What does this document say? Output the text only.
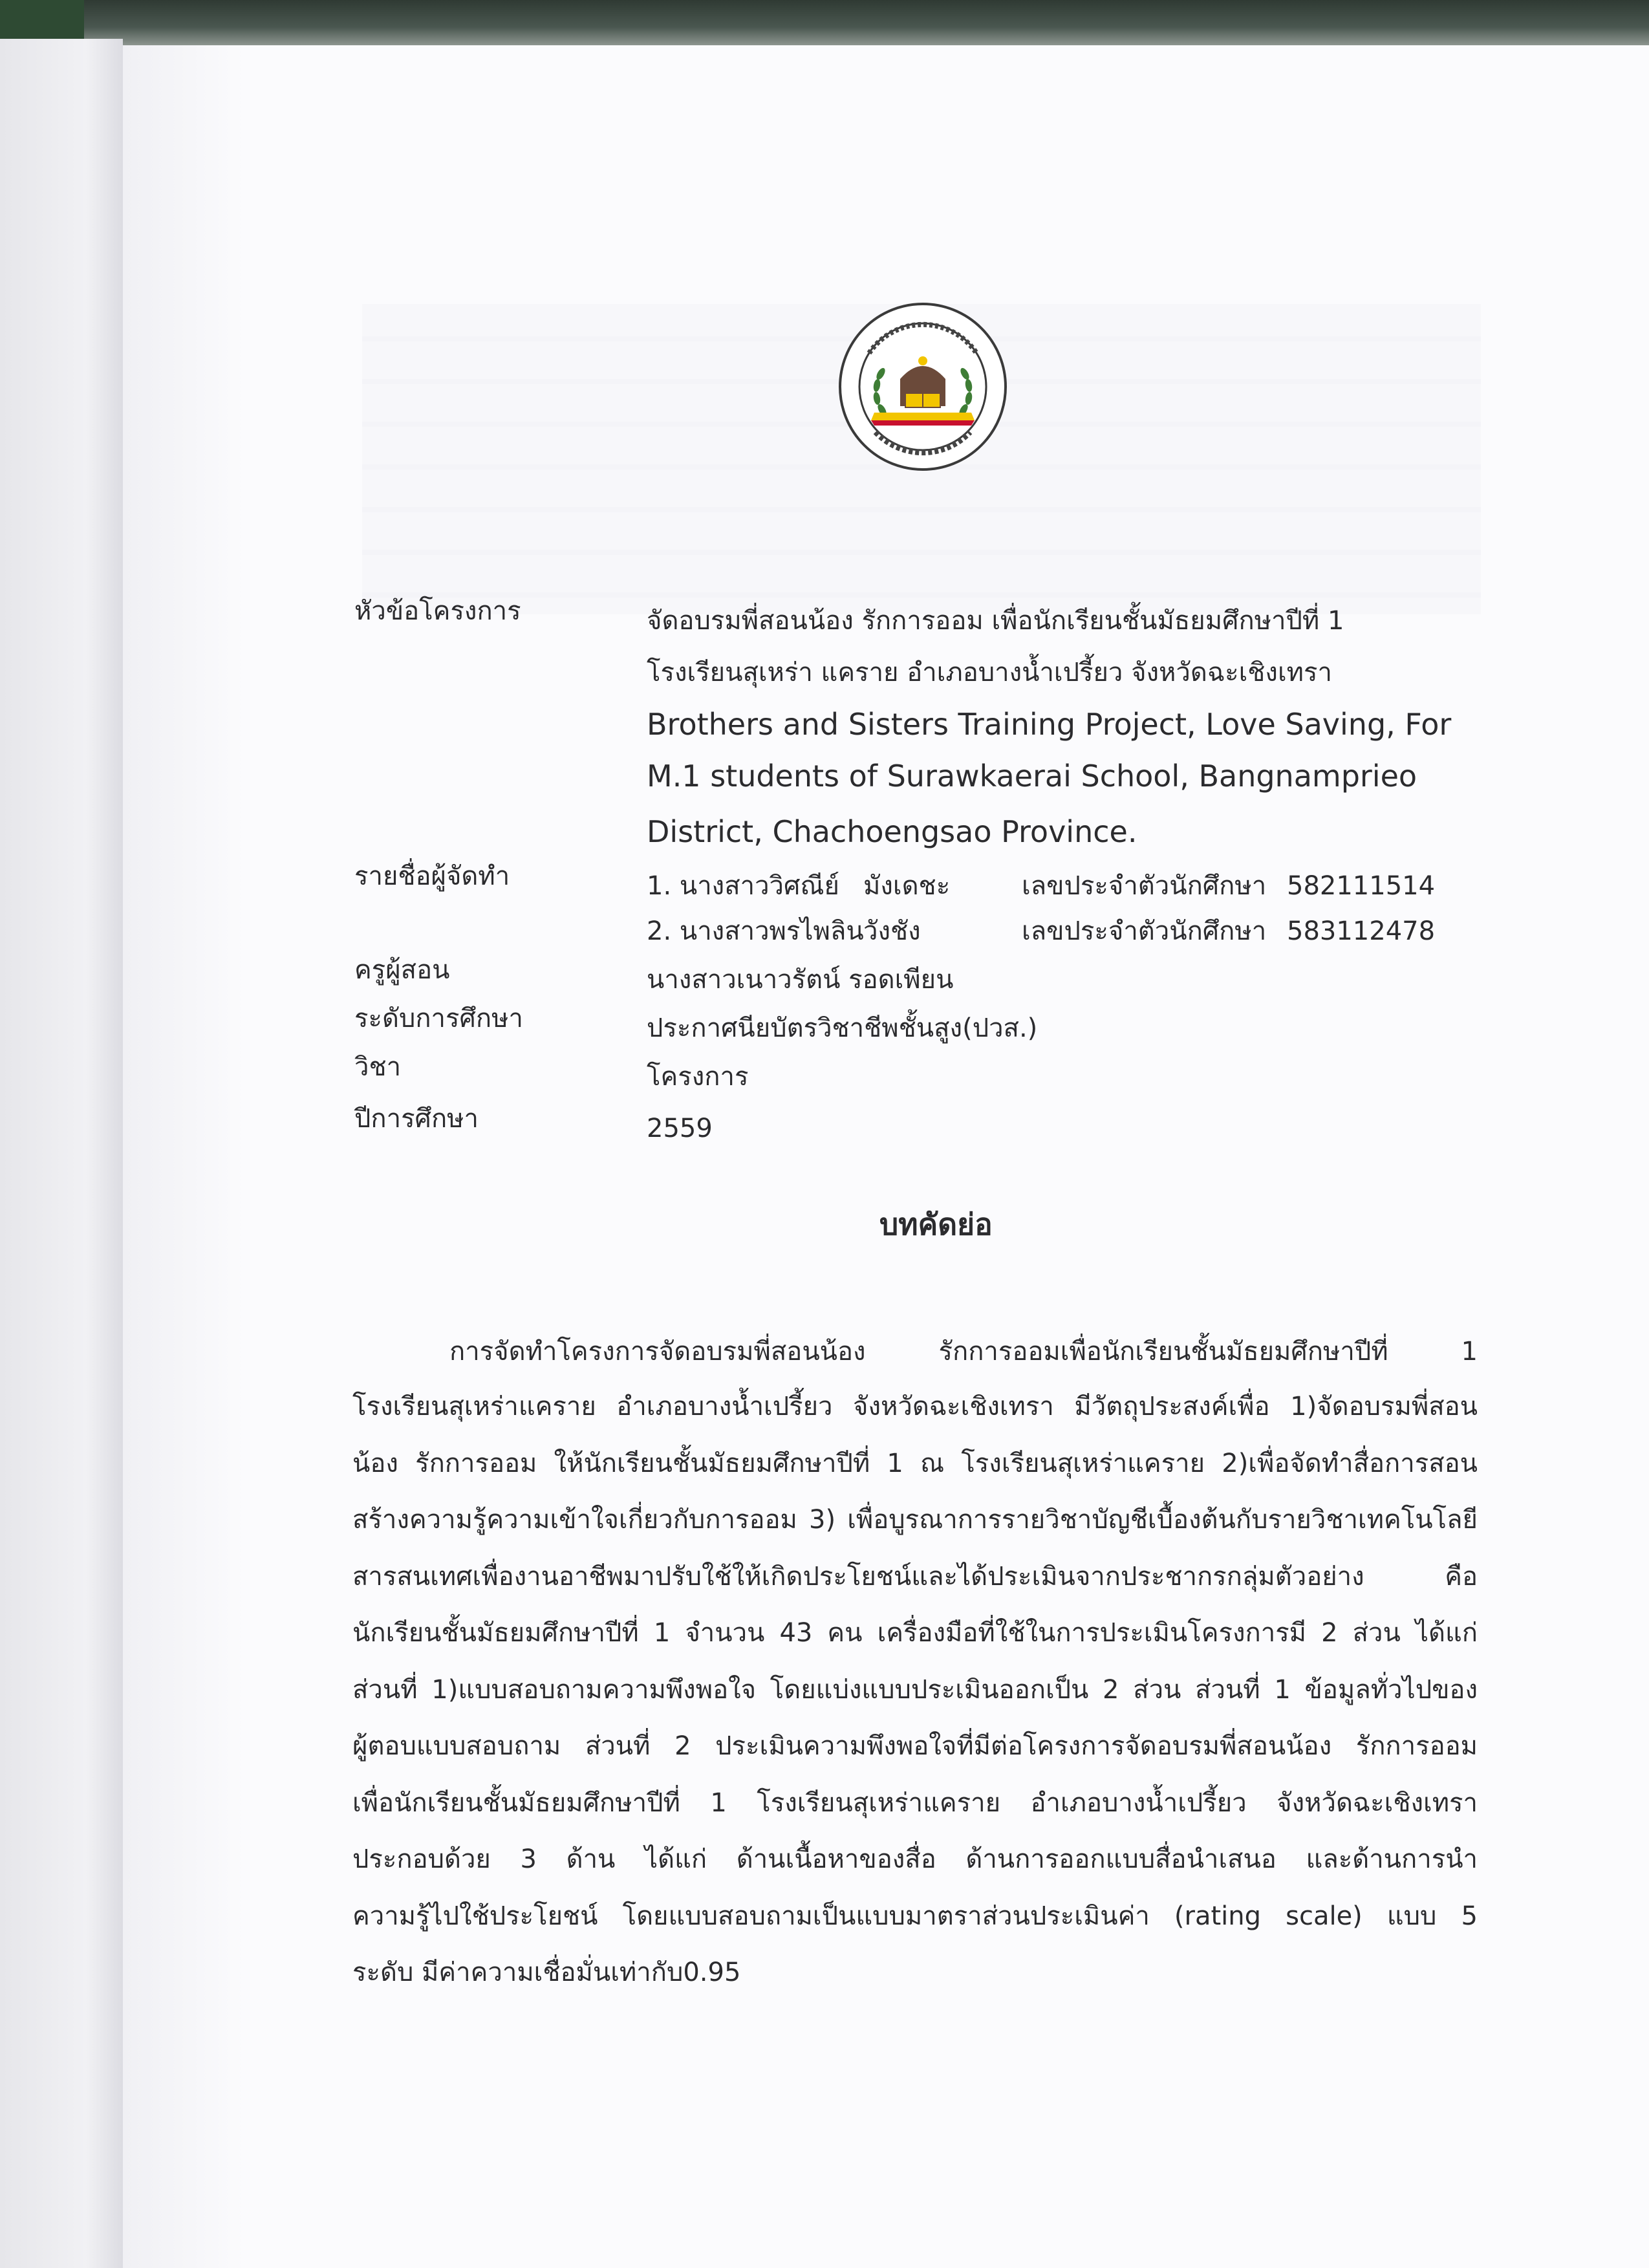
หัวข้อโครงการ	จัดอบรมพี่สอนน้อง รักการออม เพื่อนักเรียนชั้นมัธยมศึกษาปีที่ 1
โรงเรียนสุเหร่า แคราย อำเภอบางน้ำเปรี้ยว จังหวัดฉะเชิงเทรา
Brothers and Sisters Training Project, Love Saving, For
M.1 students of Surawkaerai School, Bangnamprieo
District, Chachoengsao Province.
รายชื่อผู้จัดทำ	1. นางสาววิศณีย์ มังเดชะ	เลขประจำตัวนักศึกษา 582111514
2. นางสาวพรไพลิน วังชัง	เลขประจำตัวนักศึกษา 583112478
ครูผู้สอน	นางสาวเนาวรัตน์ รอดเพียน
ระดับการศึกษา	ประกาศนียบัตรวิชาชีพชั้นสูง(ปวส.)
วิชา	โครงการ
ปีการศึกษา	2559
บทคัดย่อ
การจัดทำโครงการจัดอบรมพี่สอนน้อง รักการออมเพื่อนักเรียนชั้นมัธยมศึกษาปีที่ 1
โรงเรียนสุเหร่าแคราย อำเภอบางน้ำเปรี้ยว จังหวัดฉะเชิงเทรา มีวัตถุประสงค์เพื่อ 1)จัดอบรมพี่สอน
น้อง รักการออม ให้นักเรียนชั้นมัธยมศึกษาปีที่ 1 ณ โรงเรียนสุเหร่าแคราย 2)เพื่อจัดทำสื่อการสอน
สร้างความรู้ความเข้าใจเกี่ยวกับการออม 3) เพื่อบูรณาการรายวิชาบัญชีเบื้องต้นกับรายวิชาเทคโนโลยี
สารสนเทศเพื่องานอาชีพมาปรับใช้ให้เกิดประโยชน์และได้ประเมินจากประชากรกลุ่มตัวอย่าง คือ
นักเรียนชั้นมัธยมศึกษาปีที่ 1 จำนวน 43 คน เครื่องมือที่ใช้ในการประเมินโครงการมี 2 ส่วน ได้แก่
ส่วนที่ 1)แบบสอบถามความพึงพอใจ โดยแบ่งแบบประเมินออกเป็น 2 ส่วน ส่วนที่ 1 ข้อมูลทั่วไปของ
ผู้ตอบแบบสอบถาม ส่วนที่ 2 ประเมินความพึงพอใจที่มีต่อโครงการจัดอบรมพี่สอนน้อง รักการออม
เพื่อนักเรียนชั้นมัธยมศึกษาปีที่ 1 โรงเรียนสุเหร่าแคราย อำเภอบางน้ำเปรี้ยว จังหวัดฉะเชิงเทรา
ประกอบด้วย 3 ด้าน ได้แก่ ด้านเนื้อหาของสื่อ ด้านการออกแบบสื่อนำเสนอ และด้านการนำ
ความรู้ไปใช้ประโยชน์ โดยแบบสอบถามเป็นแบบมาตราส่วนประเมินค่า (rating scale) แบบ 5
ระดับ มีค่าความเชื่อมั่นเท่ากับ0.95
